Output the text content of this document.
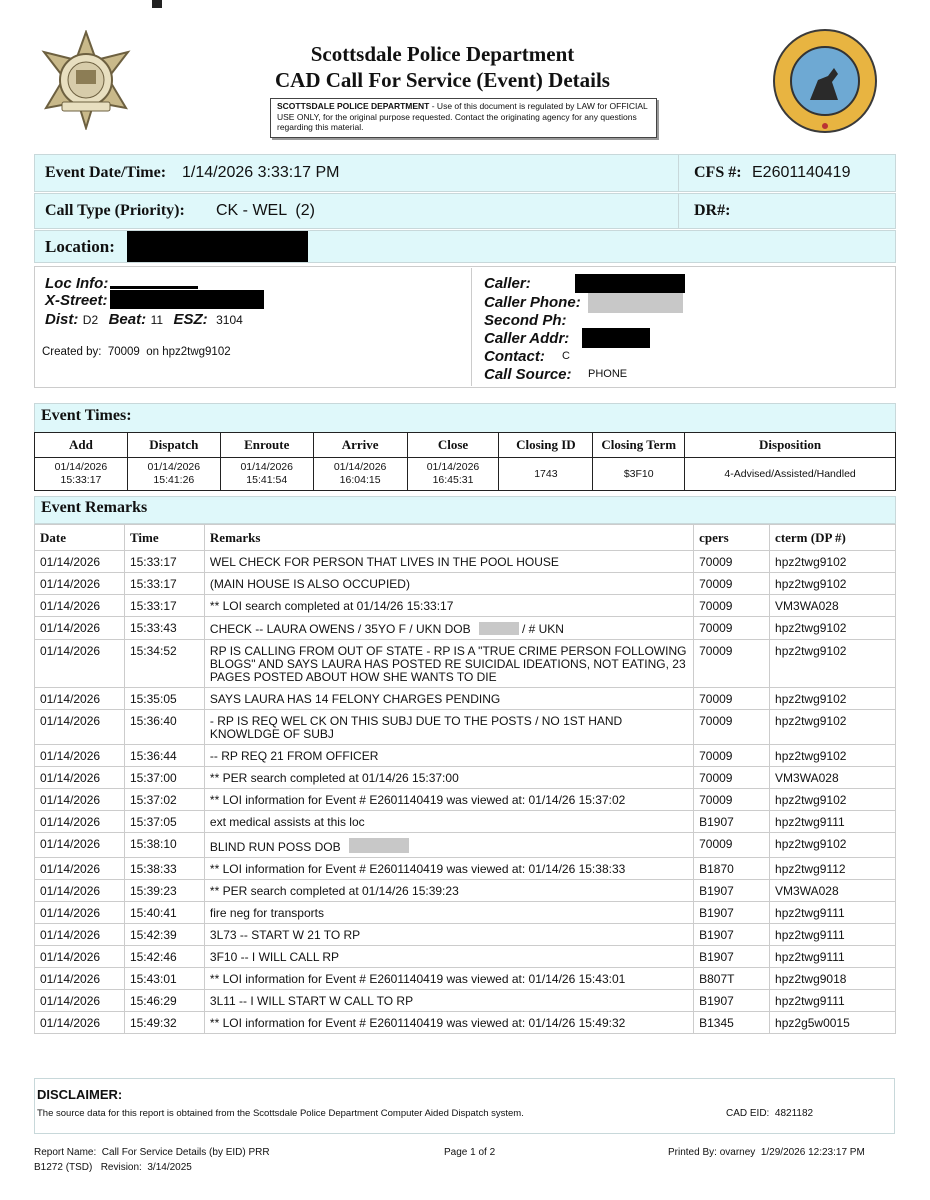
Scottsdale Police Department
CAD Call For Service (Event) Details
SCOTTSDALE POLICE DEPARTMENT - Use of this document is regulated by LAW for OFFICIAL USE ONLY, for the original purpose requested. Contact the originating agency for any questions regarding this material.
Event Date/Time: 1/14/2026 3:33:17 PM	CFS #: E2601140419
Call Type (Priority): CK - WEL  (2)	DR#:
Location:
Loc Info:
X-Street:
Dist: D2 Beat: 11 ESZ: 3104
Created by:  70009  on hpz2twg9102
Caller:
Caller Phone:
Second Ph:
Caller Addr:
Contact: C
Call Source: PHONE
Event Times:
Add	Dispatch	Enroute	Arrive	Close	Closing ID	Closing Term	Disposition
01/14/2026
15:33:17	01/14/2026
15:41:26	01/14/2026
15:41:54	01/14/2026
16:04:15	01/14/2026
16:45:31	1743	$3F10	4-Advised/Assisted/Handled
Event Remarks
Date	Time	Remarks	cpers	cterm (DP #)
01/14/2026	15:33:17	WEL CHECK FOR PERSON THAT LIVES IN THE POOL HOUSE	70009	hpz2twg9102
01/14/2026	15:33:17	(MAIN HOUSE IS ALSO OCCUPIED)	70009	hpz2twg9102
01/14/2026	15:33:17	** LOI search completed at 01/14/26 15:33:17	70009	VM3WA028
01/14/2026	15:33:43	CHECK -- LAURA OWENS / 35YO F / UKN DOB / # UKN	70009	hpz2twg9102
01/14/2026	15:34:52	RP IS CALLING FROM OUT OF STATE - RP IS A "TRUE CRIME PERSON FOLLOWING BLOGS" AND SAYS LAURA HAS POSTED RE SUICIDAL IDEATIONS, NOT EATING, 23 PAGES POSTED ABOUT HOW SHE WANTS TO DIE	70009	hpz2twg9102
01/14/2026	15:35:05	SAYS LAURA HAS 14 FELONY CHARGES PENDING	70009	hpz2twg9102
01/14/2026	15:36:40	- RP IS REQ WEL CK ON THIS SUBJ DUE TO THE POSTS / NO 1ST HAND KNOWLDGE OF SUBJ	70009	hpz2twg9102
01/14/2026	15:36:44	-- RP REQ 21 FROM OFFICER	70009	hpz2twg9102
01/14/2026	15:37:00	** PER search completed at 01/14/26 15:37:00	70009	VM3WA028
01/14/2026	15:37:02	** LOI information for Event # E2601140419 was viewed at: 01/14/26 15:37:02	70009	hpz2twg9102
01/14/2026	15:37:05	ext medical assists at this loc	B1907	hpz2twg9111
01/14/2026	15:38:10	BLIND RUN POSS DOB	70009	hpz2twg9102
01/14/2026	15:38:33	** LOI information for Event # E2601140419 was viewed at: 01/14/26 15:38:33	B1870	hpz2twg9112
01/14/2026	15:39:23	** PER search completed at 01/14/26 15:39:23	B1907	VM3WA028
01/14/2026	15:40:41	fire neg for transports	B1907	hpz2twg9111
01/14/2026	15:42:39	3L73 -- START W 21 TO RP	B1907	hpz2twg9111
01/14/2026	15:42:46	3F10 -- I WILL CALL RP	B1907	hpz2twg9111
01/14/2026	15:43:01	** LOI information for Event # E2601140419 was viewed at: 01/14/26 15:43:01	B807T	hpz2twg9018
01/14/2026	15:46:29	3L11 -- I WILL START W CALL TO RP	B1907	hpz2twg9111
01/14/2026	15:49:32	** LOI information for Event # E2601140419 was viewed at: 01/14/26 15:49:32	B1345	hpz2g5w0015
DISCLAIMER:
The source data for this report is obtained from the Scottsdale Police Department Computer Aided Dispatch system.	CAD EID:  4821182
Report Name:  Call For Service Details (by EID) PRR
B1272 (TSD)   Revision:  3/14/2025
Page 1 of 2	Printed By: ovarney  1/29/2026 12:23:17 PM
